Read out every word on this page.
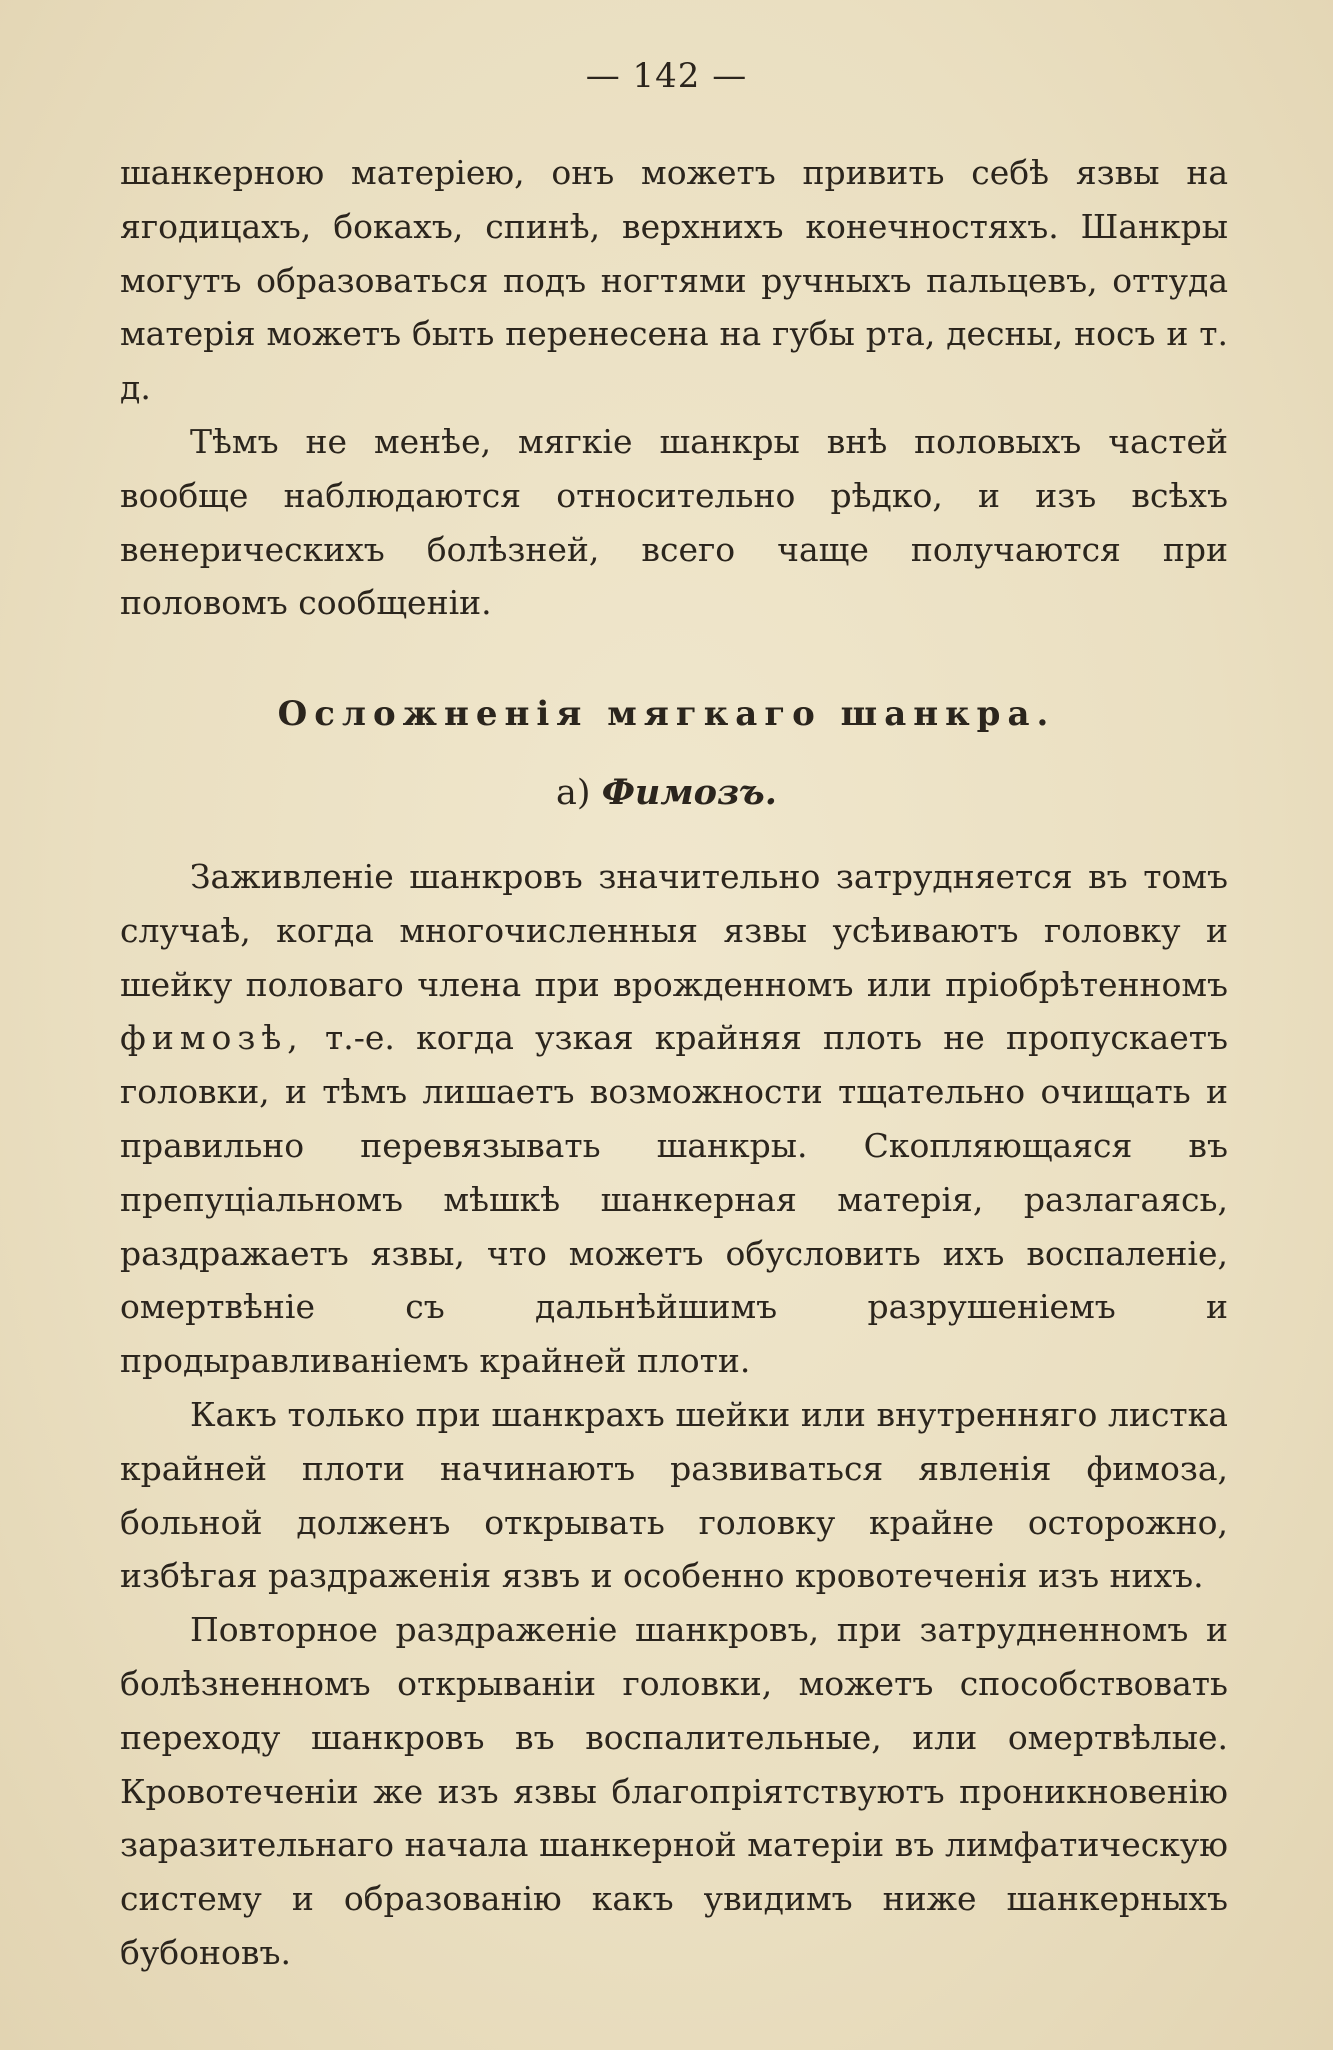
— 142 —

шанкерною матеріею, онъ можетъ привить себѣ язвы на ягодицахъ, бокахъ, спинѣ, верхнихъ конечностяхъ. Шанкры могутъ образоваться подъ ногтями ручныхъ пальцевъ, оттуда матерія можетъ быть перенесена на губы рта, десны, носъ и т. д.

Тѣмъ не менѣе, мягкіе шанкры внѣ половыхъ частей вообще наблюдаются относительно рѣдко, и изъ всѣхъ венерическихъ болѣзней, всего чаще получаются при половомъ сообщеніи.

Осложненія мягкаго шанкра.
а) Фимозъ.

Заживленіе шанкровъ значительно затрудняется въ томъ случаѣ, когда многочисленныя язвы усѣиваютъ головку и шейку половаго члена при врожденномъ или пріобрѣтенномъ фимозѣ, т.-е. когда узкая крайняя плоть не пропускаетъ головки, и тѣмъ лишаетъ возможности тщательно очищать и правильно перевязывать шанкры. Скопляющаяся въ препуціальномъ мѣшкѣ шанкерная матерія, разлагаясь, раздражаетъ язвы, что можетъ обусловить ихъ воспаленіе, омертвѣніе съ дальнѣйшимъ разрушеніемъ и продыравливаніемъ крайней плоти.

Какъ только при шанкрахъ шейки или внутренняго листка крайней плоти начинаютъ развиваться явленія фимоза, больной долженъ открывать головку крайне осторожно, избѣгая раздраженія язвъ и особенно кровотеченія изъ нихъ.

Повторное раздраженіе шанкровъ, при затрудненномъ и болѣзненномъ открываніи головки, можетъ способствовать переходу шанкровъ въ воспалительные, или омертвѣлые. Кровотеченіи же изъ язвы благопріятствуютъ проникновенію заразительнаго начала шанкерной матеріи въ лимфатическую систему и образованію какъ увидимъ ниже шанкерныхъ бубоновъ.
